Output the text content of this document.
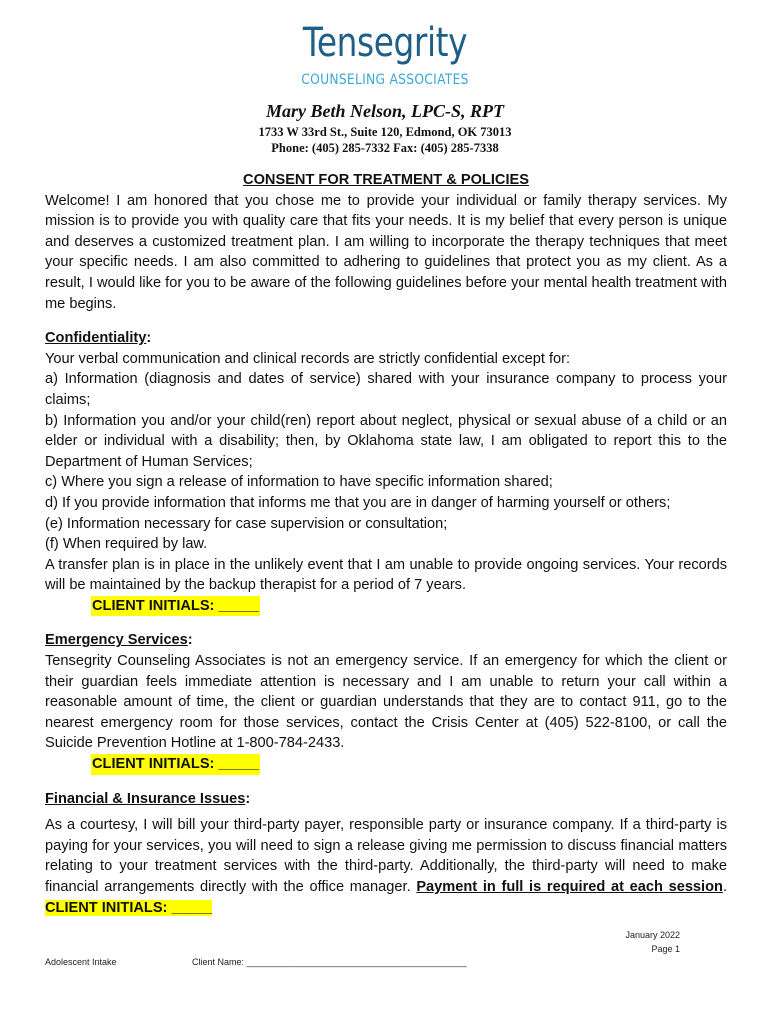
Tensegrity
COUNSELING ASSOCIATES
Mary Beth Nelson, LPC-S, RPT
1733 W 33rd St., Suite 120, Edmond, OK 73013
Phone: (405) 285-7332 Fax: (405) 285-7338
CONSENT FOR TREATMENT & POLICIES

Welcome! I am honored that you chose me to provide your individual or family therapy services. My mission is to provide you with quality care that fits your needs. It is my belief that every person is unique and deserves a customized treatment plan. I am willing to incorporate the therapy techniques that meet your specific needs. I am also committed to adhering to guidelines that protect you as my client. As a result, I would like for you to be aware of the following guidelines before your mental health treatment with me begins.

Confidentiality:

Your verbal communication and clinical records are strictly confidential except for:

a) Information (diagnosis and dates of service) shared with your insurance company to process your claims;

b) Information you and/or your child(ren) report about neglect, physical or sexual abuse of a child or an elder or individual with a disability; then, by Oklahoma state law, I am obligated to report this to the Department of Human Services;

c) Where you sign a release of information to have specific information shared;

d) If you provide information that informs me that you are in danger of harming yourself or others;

(e) Information necessary for case supervision or consultation;

(f) When required by law.

A transfer plan is in place in the unlikely event that I am unable to provide ongoing services. Your records will be maintained by the backup therapist for a period of 7 years.

CLIENT INITIALS: _____

Emergency Services:

Tensegrity Counseling Associates is not an emergency service. If an emergency for which the client or their guardian feels immediate attention is necessary and I am unable to return your call within a reasonable amount of time, the client or guardian understands that they are to contact 911, go to the nearest emergency room for those services, contact the Crisis Center at (405) 522-8100, or call the Suicide Prevention Hotline at 1-800-784-2433.

CLIENT INITIALS: _____

Financial & Insurance Issues:

As a courtesy, I will bill your third-party payer, responsible party or insurance company. If a third-party is paying for your services, you will need to sign a release giving me permission to discuss financial matters relating to your treatment services with the third-party. Additionally, the third-party will need to make financial arrangements directly with the office manager. Payment in full is required at each session. CLIENT INITIALS: _____

January 2022
Page 1
Adolescent Intake	Client Name: ____________________________________________
